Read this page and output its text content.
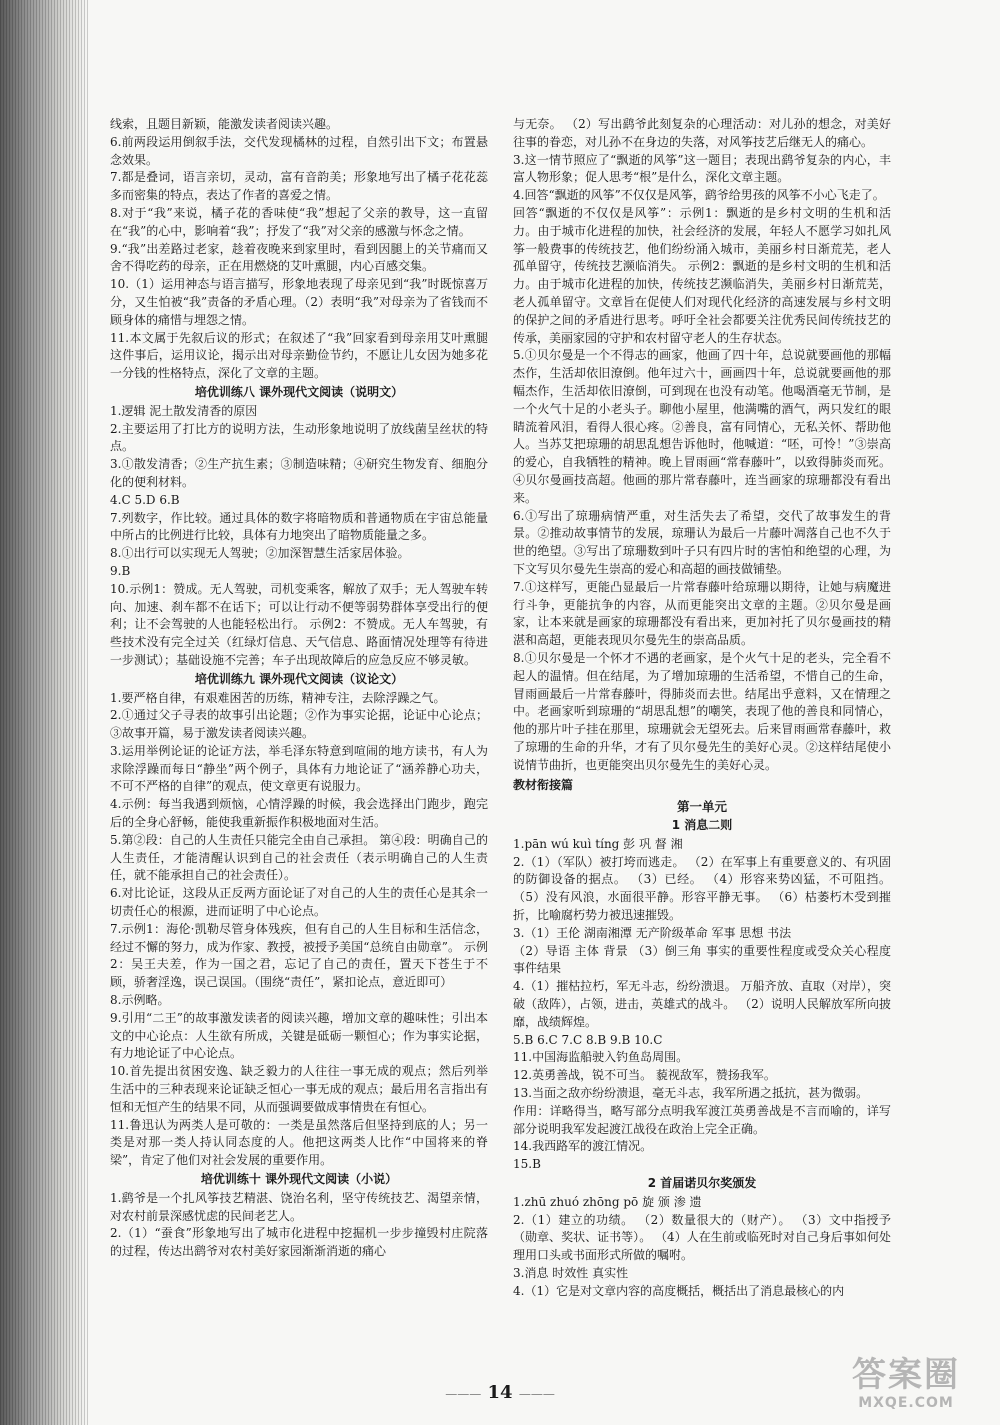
线索，且题目新颖，能激发读者阅读兴趣。

6.前两段运用倒叙手法，交代发现橘林的过程，自然引出下文；布置悬念效果。

7.都是叠词，语言亲切，灵动，富有音韵美；形象地写出了橘子花花蕊多而密集的特点，表达了作者的喜爱之情。

8.对于“我”来说，橘子花的香味使“我”想起了父亲的教导，这一直留在“我”的心中，影响着“我”；抒发了“我”对父亲的感激与怀念之情。

9.“我”出差路过老家，趁着夜晚来到家里时，看到因腿上的关节痛而又舍不得吃药的母亲，正在用燃烧的艾叶熏腿，内心百感交集。

10.（1）运用神态与语言描写，形象地表现了母亲见到“我”时既惊喜万分，又生怕被“我”责备的矛盾心理。（2）表明“我”对母亲为了省钱而不顾身体的痛惜与埋怨之情。

11.本文属于先叙后议的形式；在叙述了“我”回家看到母亲用艾叶熏腿这件事后，运用议论，揭示出对母亲勤俭节约，不愿让儿女因为她多花一分钱的性格特点，深化了文章的主题。

培优训练八 课外现代文阅读（说明文）

1.逻辑 泥土散发清香的原因

2.主要运用了打比方的说明方法，生动形象地说明了放线菌呈丝状的特点。

3.①散发清香；②生产抗生素；③制造味精；④研究生物发育、细胞分化的便利材料。

4.C 5.D 6.B

7.列数字，作比较。通过具体的数字将暗物质和普通物质在宇宙总能量中所占的比例进行比较，具体有力地突出了暗物质能量之多。

8.①出行可以实现无人驾驶；②加深智慧生活家居体验。

9.B

10.示例1：赞成。无人驾驶，司机变乘客，解放了双手；无人驾驶车转向、加速、刹车都不在话下；可以让行动不便等弱势群体享受出行的便利；让不会驾驶的人也能轻松出行。 示例2：不赞成。无人车驾驶，有些技术没有完全过关（红绿灯信息、天气信息、路面情况处理等有待进一步测试）；基础设施不完善；车子出现故障后的应急反应不够灵敏。

培优训练九 课外现代文阅读（议论文）

1.要严格自律，有艰难困苦的历练，精神专注，去除浮躁之气。

2.①通过父子寻表的故事引出论题；②作为事实论据，论证中心论点；③故事开篇，易于激发读者阅读兴趣。

3.运用举例论证的论证方法，举毛泽东特意到喧闹的地方读书，有人为求除浮躁而每日“静坐”两个例子，具体有力地论证了“涵养静心功夫，不可不严格的自律”的观点，使文章更有说服力。

4.示例：每当我遇到烦恼，心情浮躁的时候，我会选择出门跑步，跑完后的全身心舒畅，能使我重新振作积极地面对生活。

5.第②段：自己的人生责任只能完全由自己承担。 第④段：明确自己的人生责任，才能清醒认识到自己的社会责任（表示明确自己的人生责任，就不能承担自己的社会责任）。

6.对比论证，这段从正反两方面论证了对自己的人生的责任心是其余一切责任心的根源，进而证明了中心论点。

7.示例1：海伦·凯勒尽管身体残疾，但有自己的人生目标和生活信念，经过不懈的努力，成为作家、教授，被授予美国“总统自由勋章”。 示例2：吴王夫差，作为一国之君，忘记了自己的责任，置天下苍生于不顾，骄奢淫逸，误己误国。（围绕“责任”，紧扣论点，意近即可）

8.示例略。

9.引用“二王”的故事激发读者的阅读兴趣，增加文章的趣味性；引出本文的中心论点：人生欲有所成，关键是砥砺一颗恒心；作为事实论据，有力地论证了中心论点。

10.首先提出贫困安逸、缺乏毅力的人往往一事无成的观点；然后列举生活中的三种表现来论证缺乏恒心一事无成的观点；最后用名言指出有恒和无恒产生的结果不同，从而强调要做成事情贵在有恒心。

11.鲁迅认为两类人是可敬的：一类是虽然落后但坚持到底的人；另一类是对那一类人持认同态度的人。他把这两类人比作“中国将来的脊梁”，肯定了他们对社会发展的重要作用。

培优训练十 课外现代文阅读（小说）

1.鹞爷是一个扎风筝技艺精湛、饶治名利，坚守传统技艺、渴望亲情，对农村前景深感忧虑的民间老艺人。

2.（1）“蚕食”形象地写出了城市化进程中挖掘机一步步撞毁村庄院落的过程，传达出鹞爷对农村美好家园渐渐消逝的痛心

与无奈。 （2）写出鹞爷此刻复杂的心理活动：对儿孙的想念，对美好往事的眷恋，对儿孙不在身边的失落，对风筝技艺后继无人的痛心。

3.这一情节照应了“飘逝的风筝”这一题目；表现出鹞爷复杂的内心，丰富人物形象；促人思考“根”是什么，深化文章主题。

4.回答“飘逝的风筝”不仅仅是风筝，鹞爷给男孩的风筝不小心飞走了。

回答“飘逝的不仅仅是风筝”：示例1：飘逝的是乡村文明的生机和活力。由于城市化进程的加快，社会经济的发展，年轻人不愿学习如扎风筝一般费事的传统技艺，他们纷纷涌入城市，美丽乡村日渐荒芜，老人孤单留守，传统技艺濒临消失。 示例2：飘逝的是乡村文明的生机和活力。由于城市化进程的加快，传统技艺濒临消失，美丽乡村日渐荒芜，老人孤单留守。文章旨在促使人们对现代化经济的高速发展与乡村文明的保护之间的矛盾进行思考。呼吁全社会都要关注优秀民间传统技艺的传承，美丽家园的守护和农村留守老人的生存状态。

5.①贝尔曼是一个不得志的画家，他画了四十年，总说就要画他的那幅杰作，生活却依旧潦倒。他年过六十，画画四十年，总说就要画他的那幅杰作，生活却依旧潦倒，可到现在也没有动笔。他喝酒毫无节制，是一个火气十足的小老头子。聊他小屋里，他满嘴的酒气，两只发红的眼睛流着风泪，看得人很心疼。②善良，富有同情心，无私关怀、帮助他人。当苏艾把琼珊的胡思乱想告诉他时，他喊道：“呸，可怜！”③崇高的爱心，自我牺牲的精神。晚上冒雨画“常春藤叶”，以致得肺炎而死。④贝尔曼画技高超。他画的那片常春藤叶，连当画家的琼珊都没有看出来。

6.①写出了琼珊病情严重，对生活失去了希望，交代了故事发生的背景。②推动故事情节的发展，琼珊认为最后一片藤叶凋落自己也不久于世的绝望。③写出了琼珊数到叶子只有四片时的害怕和绝望的心理，为下文写贝尔曼先生崇高的爱心和高超的画技做铺垫。

7.①这样写，更能凸显最后一片常春藤叶给琼珊以期待，让她与病魔进行斗争，更能抗争的内容，从而更能突出文章的主题。②贝尔曼是画家，让本来就是画家的琼珊都没有看出来，更加衬托了贝尔曼画技的精湛和高超，更能表现贝尔曼先生的崇高品质。

8.①贝尔曼是一个怀才不遇的老画家，是个火气十足的老头，完全看不起人的温情。但在结尾，为了增加琼珊的生活希望，不惜自己的生命，冒雨画最后一片常春藤叶，得肺炎而去世。结尾出乎意料，又在情理之中。老画家听到琼珊的“胡思乱想”的嘲笑，表现了他的善良和同情心，他的那片叶子挂在那里，琼珊就会无望死去。后来冒雨画常春藤叶，救了琼珊的生命的升华，才有了贝尔曼先生的美好心灵。②这样结尾使小说情节曲折，也更能突出贝尔曼先生的美好心灵。

教材衔接篇
第一单元
1 消息二则

1.pān wú kuì tíng 彭 巩 督 湘

2.（1）（军队）被打垮而逃走。 （2）在军事上有重要意义的、有巩固的防御设备的据点。 （3）已经。 （4）形容来势凶猛，不可阻挡。 （5）没有风浪，水面很平静。形容平静无事。 （6）枯萎朽木受到摧折，比喻腐朽势力被迅速摧毁。

3.（1）王伦 湖南湘潭 无产阶级革命 军事 思想 书法

（2）导语 主体 背景 （3）倒三角 事实的重要性程度或受众关心程度 事件结果

4.（1）摧枯拉朽，军无斗志，纷纷溃退。 万船齐放、直取（对岸），突破（敌阵），占领，进击，英雄式的战斗。 （2）说明人民解放军所向披靡，战绩辉煌。

5.B 6.C 7.C 8.B 9.B 10.C

11.中国海监船驶入钓鱼岛周围。

12.英勇善战，锐不可当。 藐视敌军，赞扬我军。

13.当面之敌亦纷纷溃退，毫无斗志，我军所遇之抵抗，甚为微弱。

作用：详略得当，略写部分点明我军渡江英勇善战是不言而喻的，详写部分说明我军发起渡江战役在政治上完全正确。

14.我西路军的渡江情况。

15.B

2 首届诺贝尔奖颁发

1.zhū zhuó zhōng pō 旋 颁 渗 遗

2.（1）建立的功绩。 （2）数量很大的（财产）。 （3）文中指授予（勋章、奖状、证书等）。 （4）人在生前或临死时对自己身后事如何处理用口头或书面形式所做的嘱咐。

3.消息 时效性 真实性

4.（1）它是对文章内容的高度概括，概括出了消息最核心的内

——— 14 ———	答案圈
MXQE.COM
